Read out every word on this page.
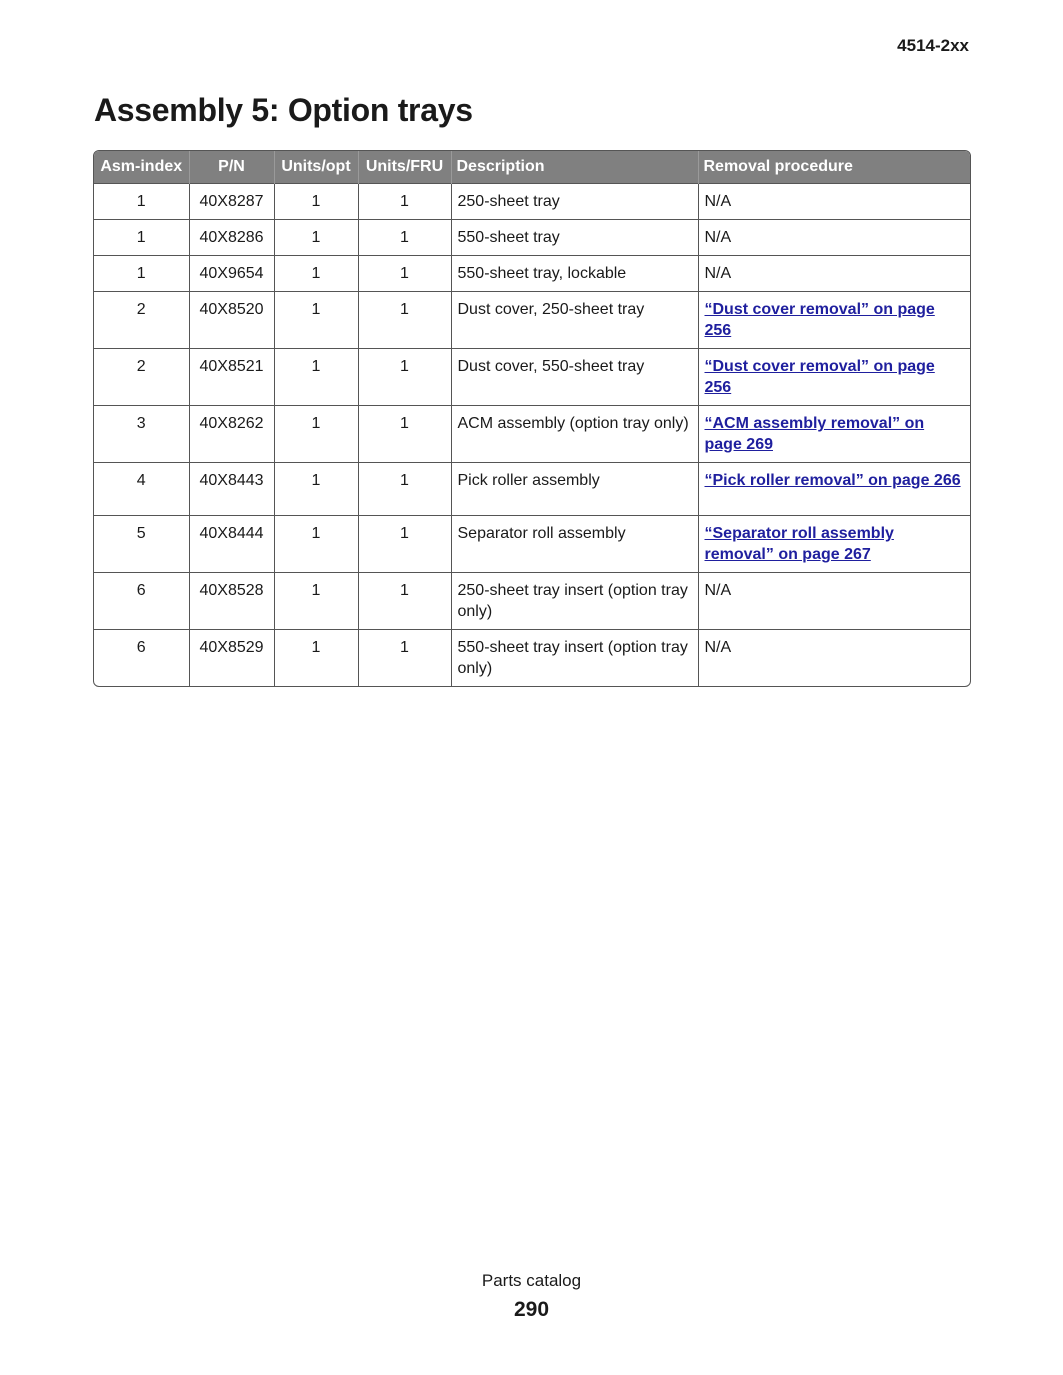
4514-2xx
Assembly 5: Option trays
Asm-index	P/N	Units/opt	Units/FRU	Description	Removal procedure
1	40X8287	1	1	250-sheet tray	N/A
1	40X8286	1	1	550-sheet tray	N/A
1	40X9654	1	1	550-sheet tray, lockable	N/A
2	40X8520	1	1	Dust cover, 250-sheet tray	“Dust cover removal” on page 256
2	40X8521	1	1	Dust cover, 550-sheet tray	“Dust cover removal” on page 256
3	40X8262	1	1	ACM assembly (option tray only)	“ACM assembly removal” on page 269
4	40X8443	1	1	Pick roller assembly	“Pick roller removal” on page 266
5	40X8444	1	1	Separator roll assembly	“Separator roll assembly removal” on page 267
6	40X8528	1	1	250-sheet tray insert (option tray only)	N/A
6	40X8529	1	1	550-sheet tray insert (option tray only)	N/A
Parts catalog
290
